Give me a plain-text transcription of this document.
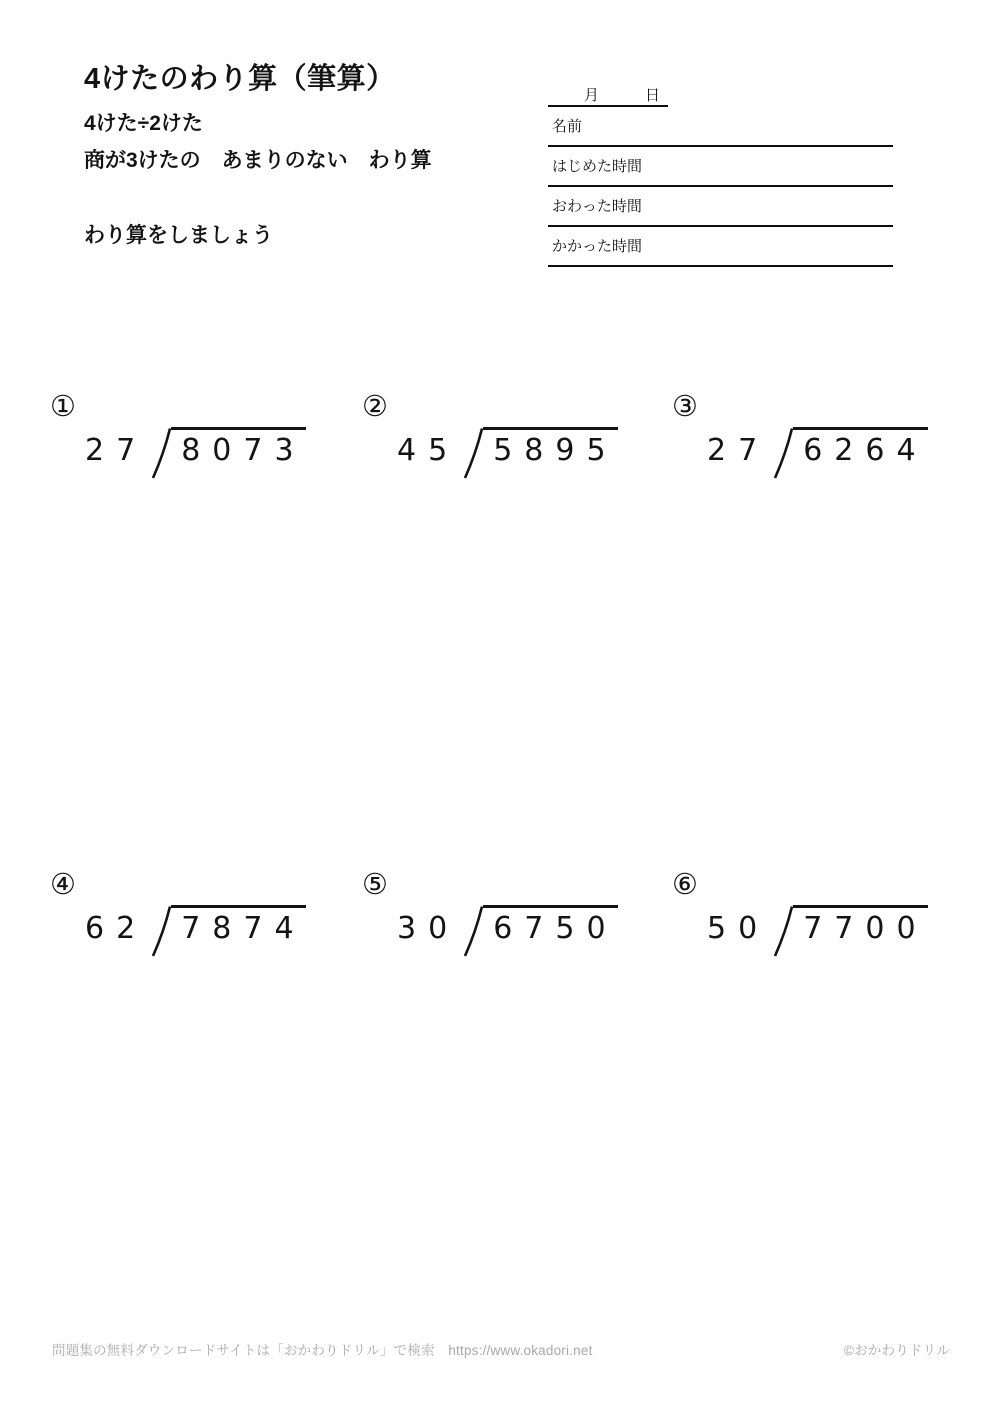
4けたのわり算（筆算）

4けた÷2けた

商が3けたの　あまりのない　わり算

わり算をしましょう

月	日
名前
はじめた時間
おわった時間
かかった時間
①
27	8073
②
45	5895
③
27	6264
④
62	7874
⑤
30	6750
⑥
50	7700
問題集の無料ダウンロードサイトは「おかわりドリル」で検索　https://www.okadori.net	©おかわりドリル
